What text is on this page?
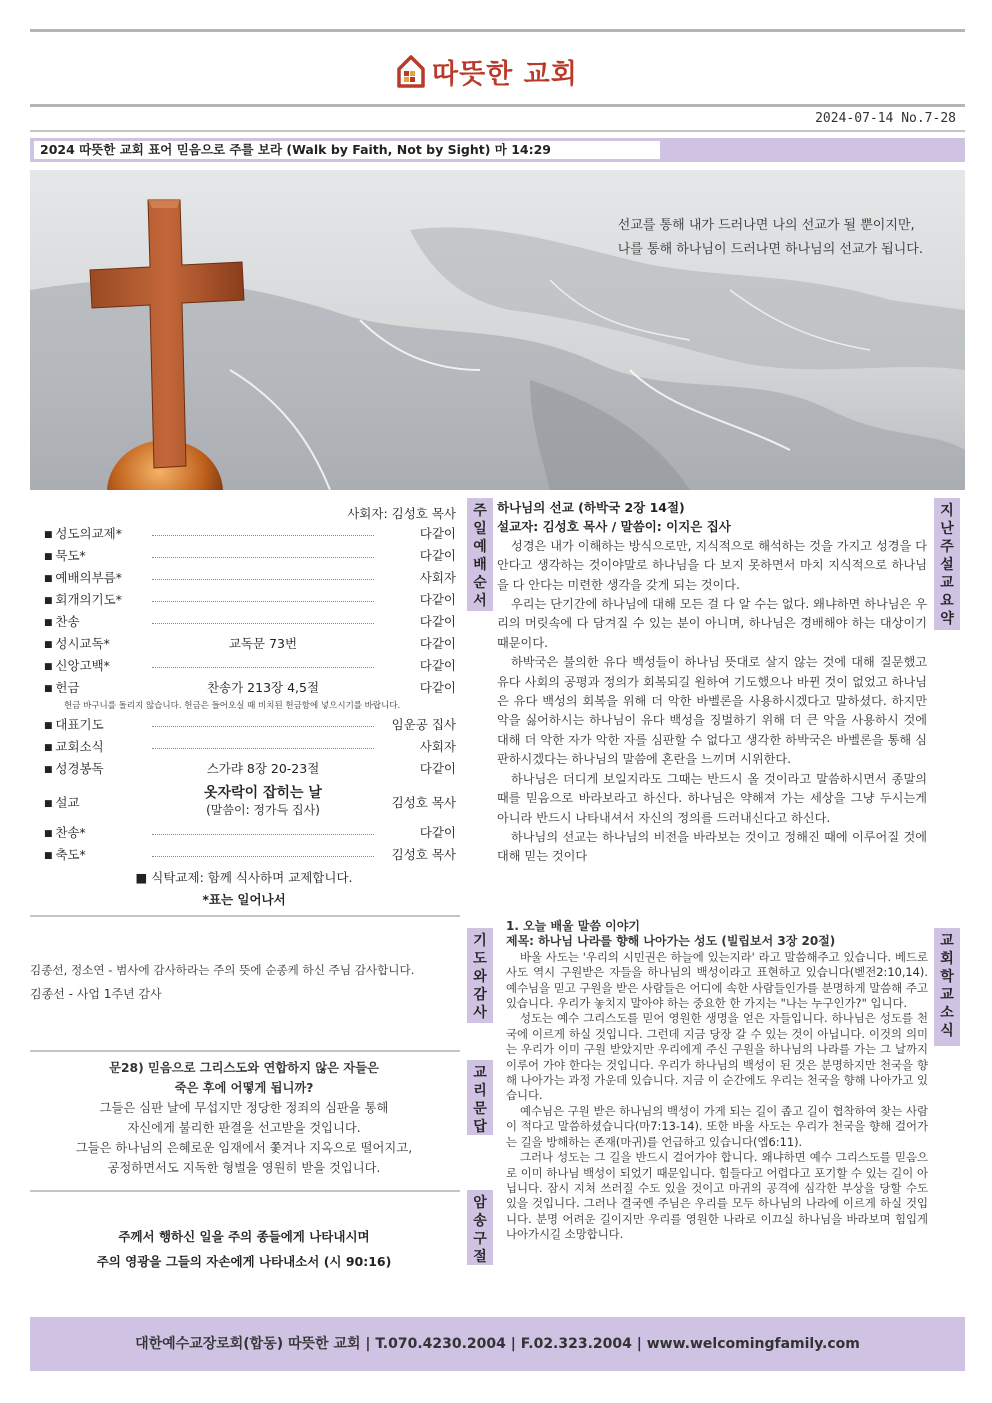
따뜻한 교회
2024-07-14 No.7-28
2024 따뜻한 교회 표어 믿음으로 주를 보라 (Walk by Faith, Not by Sight) 마 14:29
선교를 통해 내가 드러나면 나의 선교가 될 뿐이지만,
나를 통해 하나님이 드러나면 하나님의 선교가 됩니다.
주일예배순서
사회자: 김성호 목사
■ 성도의교제*	다같이
■ 묵도*	다같이
■ 예배의부름*	사회자
■ 회개의기도*	다같이
■ 찬송	다같이
■ 성시교독*	교독문 73번	다같이
■ 신앙고백*	다같이
■ 헌금	찬송가 213장 4,5절	다같이
헌금 바구니를 돌리지 않습니다. 헌금은 들어오실 때 비치된 헌금함에 넣으시기를 바랍니다.
■ 대표기도	임운공 집사
■ 교회소식	사회자
■ 성경봉독	스가랴 8장 20-23절	다같이
■ 설교
옷자락이 잡히는 날
(말씀이: 정가득 집사)	김성호 목사
■ 찬송*	다같이
■ 축도*	김성호 목사
■ 식탁교제: 함께 식사하며 교제합니다.
*표는 일어나서
지난주설교요약
하나님의 선교 (하박국 2장 14절)
설교자: 김성호 목사 / 말씀이: 이지은 집사

성경은 내가 이해하는 방식으로만, 지식적으로 해석하는 것을 가지고 성경을 다 안다고 생각하는 것이야말로 하나님을 다 보지 못하면서 마치 지식적으로 하나님을 다 안다는 미련한 생각을 갖게 되는 것이다.

우리는 단기간에 하나님에 대해 모든 걸 다 알 수는 없다. 왜냐하면 하나님은 우리의 머릿속에 다 담겨질 수 있는 분이 아니며, 하나님은 경배해야 하는 대상이기 때문이다.

하박국은 불의한 유다 백성들이 하나님 뜻대로 살지 않는 것에 대해 질문했고 유다 사회의 공평과 정의가 회복되길 원하여 기도했으나 바뀐 것이 없었고 하나님은 유다 백성의 회복을 위해 더 악한 바벨론을 사용하시겠다고 말하셨다. 하지만 악을 싫어하시는 하나님이 유다 백성을 징벌하기 위해 더 큰 악을 사용하시 것에 대해 더 악한 자가 악한 자를 심판할 수 없다고 생각한 하박국은 바벨론을 통해 심판하시겠다는 하나님의 말씀에 혼란을 느끼며 시위한다.

하나님은 더디게 보일지라도 그때는 반드시 올 것이라고 말씀하시면서 종말의 때를 믿음으로 바라보라고 하신다. 하나님은 약해져 가는 세상을 그냥 두시는게 아니라 반드시 나타내셔서 자신의 정의를 드러내신다고 하신다.

하나님의 선교는 하나님의 비전을 바라보는 것이고 정해진 때에 이루어질 것에 대해 믿는 것이다

기도와감사
김종선, 정소연 - 범사에 감사하라는 주의 뜻에 순종케 하신 주님 감사합니다.
김종선 - 사업 1주년 감사
교회학교소식
1. 오늘 배울 말씀 이야기
제목: 하나님 나라를 향해 나아가는 성도 (빌립보서 3장 20절)

바울 사도는 '우리의 시민권은 하늘에 있는지라' 라고 말씀해주고 있습니다. 베드로 사도 역시 구원받은 자들을 하나님의 백성이라고 표현하고 있습니다(벧전2:10,14). 예수님을 믿고 구원을 받은 사람들은 어디에 속한 사람들인가를 분명하게 말씀해 주고 있습니다. 우리가 놓치지 말아야 하는 중요한 한 가지는 "나는 누구인가?" 입니다.

성도는 예수 그리스도를 믿어 영원한 생명을 얻은 자들입니다. 하나님은 성도를 천국에 이르게 하실 것입니다. 그런데 지금 당장 갈 수 있는 것이 아닙니다. 이것의 의미는 우리가 이미 구원 받았지만 우리에게 주신 구원을 하나님의 나라를 가는 그 날까지 이루어 가야 한다는 것입니다. 우리가 하나님의 백성이 된 것은 분명하지만 천국을 향해 나아가는 과정 가운데 있습니다. 지금 이 순간에도 우리는 천국을 향해 나아가고 있습니다.

예수님은 구원 받은 하나님의 백성이 가게 되는 길이 좁고 길이 협착하여 찾는 사람이 적다고 말씀하셨습니다(마7:13-14). 또한 바울 사도는 우리가 천국을 향해 걸어가는 길을 방해하는 존재(마귀)를 언급하고 있습니다(엡6:11).

그러나 성도는 그 길을 반드시 걸어가야 합니다. 왜냐하면 예수 그리스도를 믿음으로 이미 하나님 백성이 되었기 때문입니다. 힘들다고 어렵다고 포기할 수 있는 길이 아닙니다. 잠시 지쳐 쓰러질 수도 있을 것이고 마귀의 공격에 심각한 부상을 당할 수도 있을 것입니다. 그러나 결국엔 주님은 우리를 모두 하나님의 나라에 이르게 하실 것입니다. 분명 어려운 길이지만 우리를 영원한 나라로 이끄실 하나님을 바라보며 힘입게 나아가시길 소망합니다.

교리문답
문28) 믿음으로 그리스도와 연합하지 않은 자들은
죽은 후에 어떻게 됩니까?
그들은 심판 날에 무섭지만 정당한 정죄의 심판을 통해
자신에게 불리한 판결을 선고받을 것입니다.
그들은 하나님의 은혜로운 임재에서 쫓겨나 지옥으로 떨어지고,
공정하면서도 지독한 형벌을 영원히 받을 것입니다.
암송구절
주께서 행하신 일을 주의 종들에게 나타내시며
주의 영광을 그들의 자손에게 나타내소서 (시 90:16)
대한예수교장로회(합동) 따뜻한 교회 | T.070.4230.2004 | F.02.323.2004 | www.welcomingfamily.com
